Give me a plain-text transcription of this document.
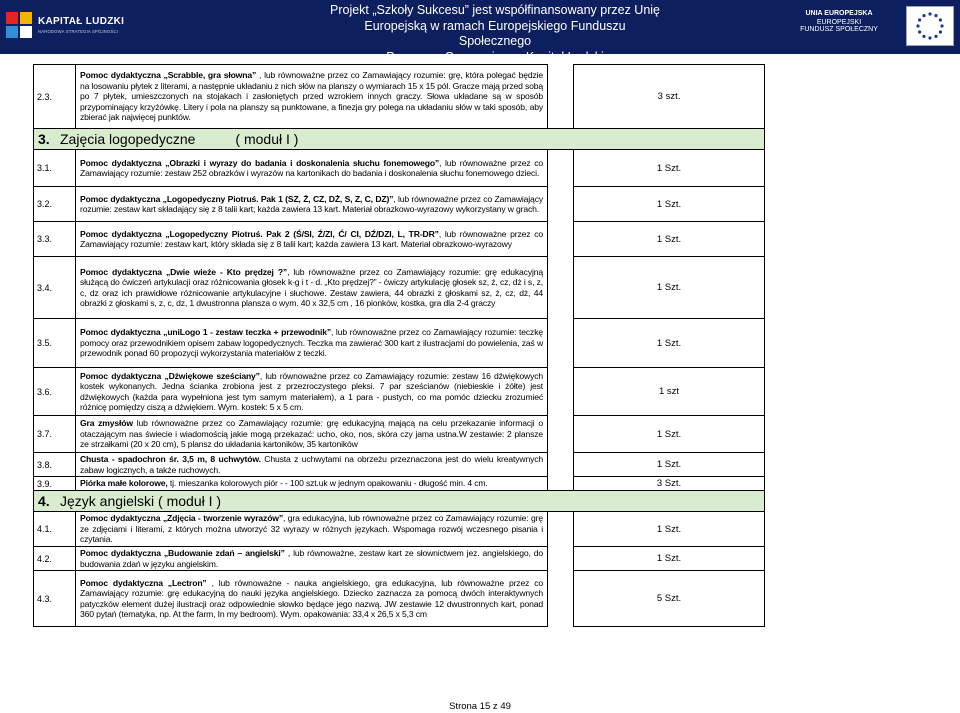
KAPITAŁ LUDZKI
NARODOWA STRATEGIA SPÓJNOŚCI
Projekt „Szkoły Sukcesu” jest współfinansowany przez Unię
Europejską w ramach Europejskiego Funduszu Społecznego
Programu Operacyjnego Kapitał Ludzki
UNIA EUROPEJSKA
EUROPEJSKI
FUNDUSZ SPOŁECZNY
2.3.	Pomoc dydaktyczna „Scrabble, gra słowna” , lub równoważne przez co Zamawiający rozumie: grę, która polegać będzie na losowaniu płytek z literami, a następnie układaniu z nich słów na planszy o wymiarach 15 x 15 pól. Gracze mają przed sobą po 7 płytek, umieszczonych na stojakach i zasłoniętych przed wzrokiem innych graczy. Słowa układane są w sposób przypominający krzyżówkę. Litery i pola na planszy są punktowane, a finezja gry polega na układaniu słów w taki sposób, aby zbierać jak najwięcej punktów.		3 szt.
3. Zajęcia logopedyczne ( moduł I )			
3.1.	Pomoc dydaktyczna „Obrazki i wyrazy do badania i doskonalenia słuchu fonemowego”, lub równoważne przez co Zamawiający rozumie: zestaw 252 obrazków i wyrazów na kartonikach do badania i doskonalenia słuchu fonemowego dzieci.		1 Szt.
3.2.	Pomoc dydaktyczna „Logopedyczny Piotruś. Pak 1 (SZ, Ż, CZ, DŻ, S, Z, C, DZ)”, lub równoważne przez co Zamawiający rozumie: zestaw kart składający się z 8 talii kart; każda zawiera 13 kart. Materiał obrazkowo-wyrazowy wykorzystany w grach.		1 Szt.
3.3.	Pomoc dydaktyczna „Logopedyczny Piotruś. Pak 2 (Ś/SI, Ź/ZI, Ć/ CI, DŹ/DZI, L, TR-DR”, lub równoważne przez co Zamawiający rozumie: zestaw kart, który składa się z 8 talii kart; każda zawiera 13 kart. Materiał obrazkowo-wyrazowy		1 Szt.
3.4.	Pomoc dydaktyczna „Dwie wieże - Kto prędzej ?”, lub równoważne przez co Zamawiający rozumie: grę edukacyjną służącą do ćwiczeń artykulacji oraz różnicowania głosek k-g i t - d. „Kto prędzej?” - ćwiczy artykulację głosek sz, ż, cz, dż i s, z, c, dz oraz ich prawidłowe różnicowanie artykulacyjne i słuchowe. Zestaw zawiera, 44 obrazki z głoskami sz, ż, cz, dż, 44 obrazki z głoskami s, z, c, dz, 1 dwustronna plansza o wym. 40 x 32,5 cm , 16 pionków, kostka, gra dla 2-4 graczy		1 Szt.
3.5.	Pomoc dydaktyczna „uniLogo 1 - zestaw teczka + przewodnik”, lub równoważne przez co Zamawiający rozumie: teczkę pomocy oraz przewodnikiem opisem zabaw logopedycznych. Teczka ma zawierać 300 kart z ilustracjami do powielenia, zaś w przewodnik ponad 60 propozycji wykorzystania materiałów z teczki.		1 Szt.
3.6.	Pomoc dydaktyczna „Dźwiękowe sześciany”, lub równoważne przez co Zamawiający rozumie: zestaw 16 dźwiękowych kostek wykonanych. Jedna ścianka zrobiona jest z przezroczystego pleksi. 7 par sześcianów (niebieskie i żółte) jest dźwiękowych (każda para wypełniona jest tym samym materiałem), a 1 para - pustych, co ma pomóc dziecku zrozumieć różnicę pomiędzy ciszą a dźwiękiem. Wym. kostek: 5 x 5 cm.		1 szt
3.7.	Gra zmysłów lub równoważne przez co Zamawiający rozumie: grę edukacyjną mającą na celu przekazanie informacji o otaczającym nas świecie i wiadomością jakie mogą przekazać: ucho, oko, nos, skóra czy jama ustna.W zestawie: 2 plansze ze strzałkami (20 x 20 cm), 5 plansz do układania kartoników, 35 kartoników		1 Szt.
3.8.	Chusta - spadochron śr. 3,5 m, 8 uchwytów. Chusta z uchwytami na obrzeżu przeznaczona jest do wielu kreatywnych zabaw logicznych, a także ruchowych.		1 Szt.
3.9.	Piórka małe kolorowe, tj. mieszanka kolorowych piór - - 100 szt.uk w jednym opakowaniu - długość min. 4 cm.		3 Szt.
4. Język angielski ( moduł I )			
4.1.	Pomoc dydaktyczna „Zdjęcia - tworzenie wyrazów”, gra edukacyjna, lub równoważne przez co Zamawiający rozumie: grę ze zdjęciami i literami, z których można utworzyć 32 wyrazy w różnych językach. Wspomaga rozwój wczesnego pisania i czytania.		1 Szt.
4.2.	Pomoc dydaktyczna „Budowanie zdań – angielski” , lub równoważne, zestaw kart ze słownictwem jez. angielskiego, do budowania zdań w języku angielskim.		1 Szt.
4.3.	Pomoc dydaktyczna „Lectron” , lub równoważne - nauka angielskiego, gra edukacyjna, lub równoważne przez co Zamawiający rozumie: grę edukacyjną do nauki języka angielskiego. Dziecko zaznacza za pomocą dwóch interaktywnych patyczków element dużej ilustracji oraz odpowiednie słowko będące jego nazwą. JW zestawie 12 dwustronnych kart, ponad 360 pytań (tematyka, np. At the farm, In my bedroom). Wym. opakowania: 33,4 x 26,5 x 5,3 cm		5 Szt.
Strona 15 z 49
